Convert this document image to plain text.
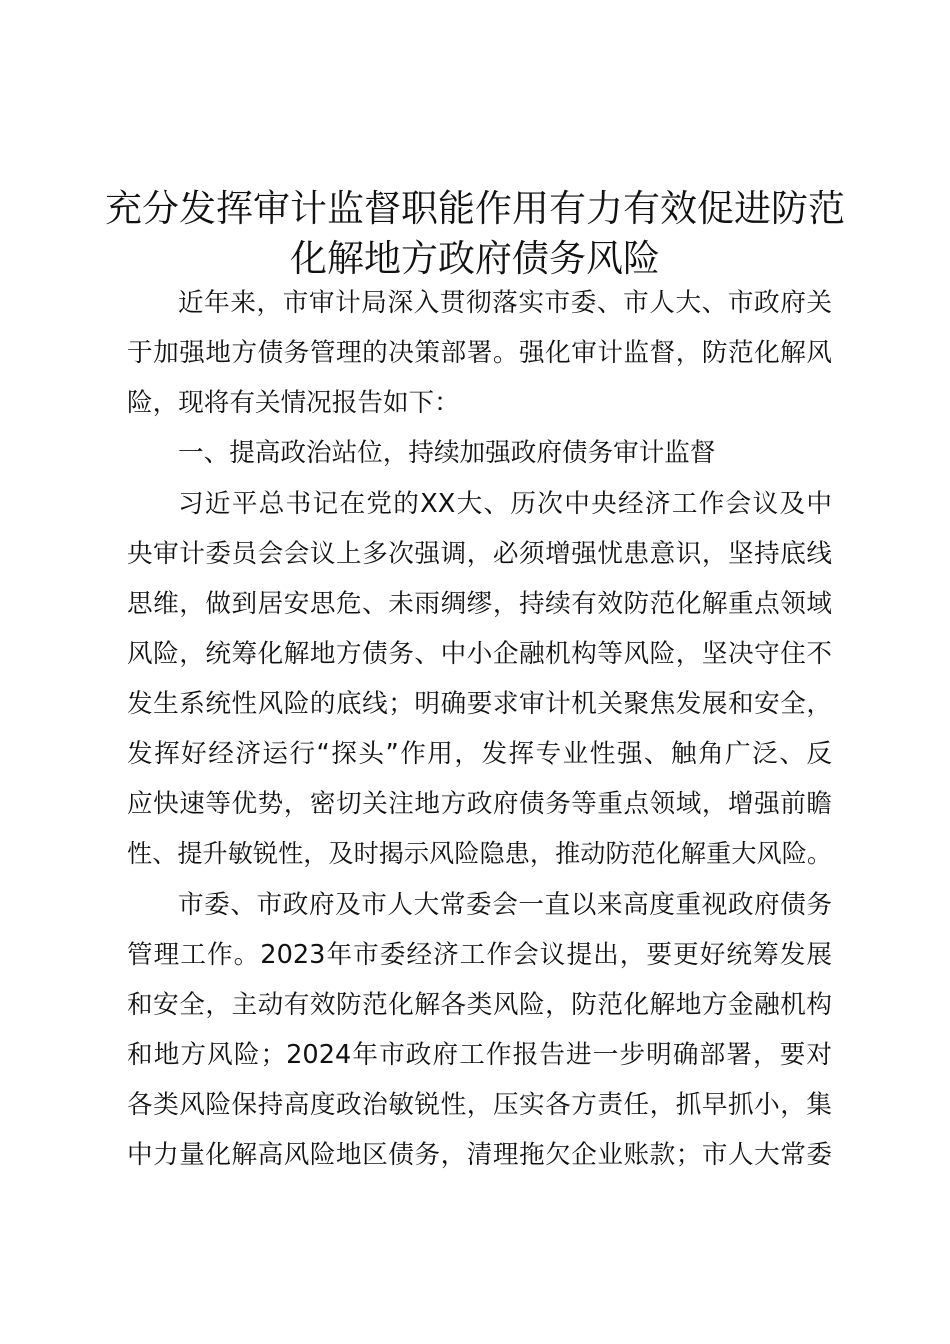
充分发挥审计监督职能作用有力有效促进防范
化解地方政府债务风险

近年来，市审计局深入贯彻落实市委、市人大、市政府关

于加强地方债务管理的决策部署。强化审计监督，防范化解风

险，现将有关情况报告如下：

一、提高政治站位，持续加强政府债务审计监督

习近平总书记在党的XX大、历次中央经济工作会议及中

央审计委员会会议上多次强调，必须增强忧患意识，坚持底线

思维，做到居安思危、未雨绸缪，持续有效防范化解重点领域

风险，统筹化解地方债务、中小企融机构等风险，坚决守住不

发生系统性风险的底线；明确要求审计机关聚焦发展和安全，

发挥好经济运行“探头”作用，发挥专业性强、触角广泛、反

应快速等优势，密切关注地方政府债务等重点领域，增强前瞻

性、提升敏锐性，及时揭示风险隐患，推动防范化解重大风险。

市委、市政府及市人大常委会一直以来高度重视政府债务

管理工作。2023年市委经济工作会议提出，要更好统筹发展

和安全，主动有效防范化解各类风险，防范化解地方金融机构

和地方风险；2024年市政府工作报告进一步明确部署，要对

各类风险保持高度政治敏锐性，压实各方责任，抓早抓小，集

中力量化解高风险地区债务，清理拖欠企业账款；市人大常委
